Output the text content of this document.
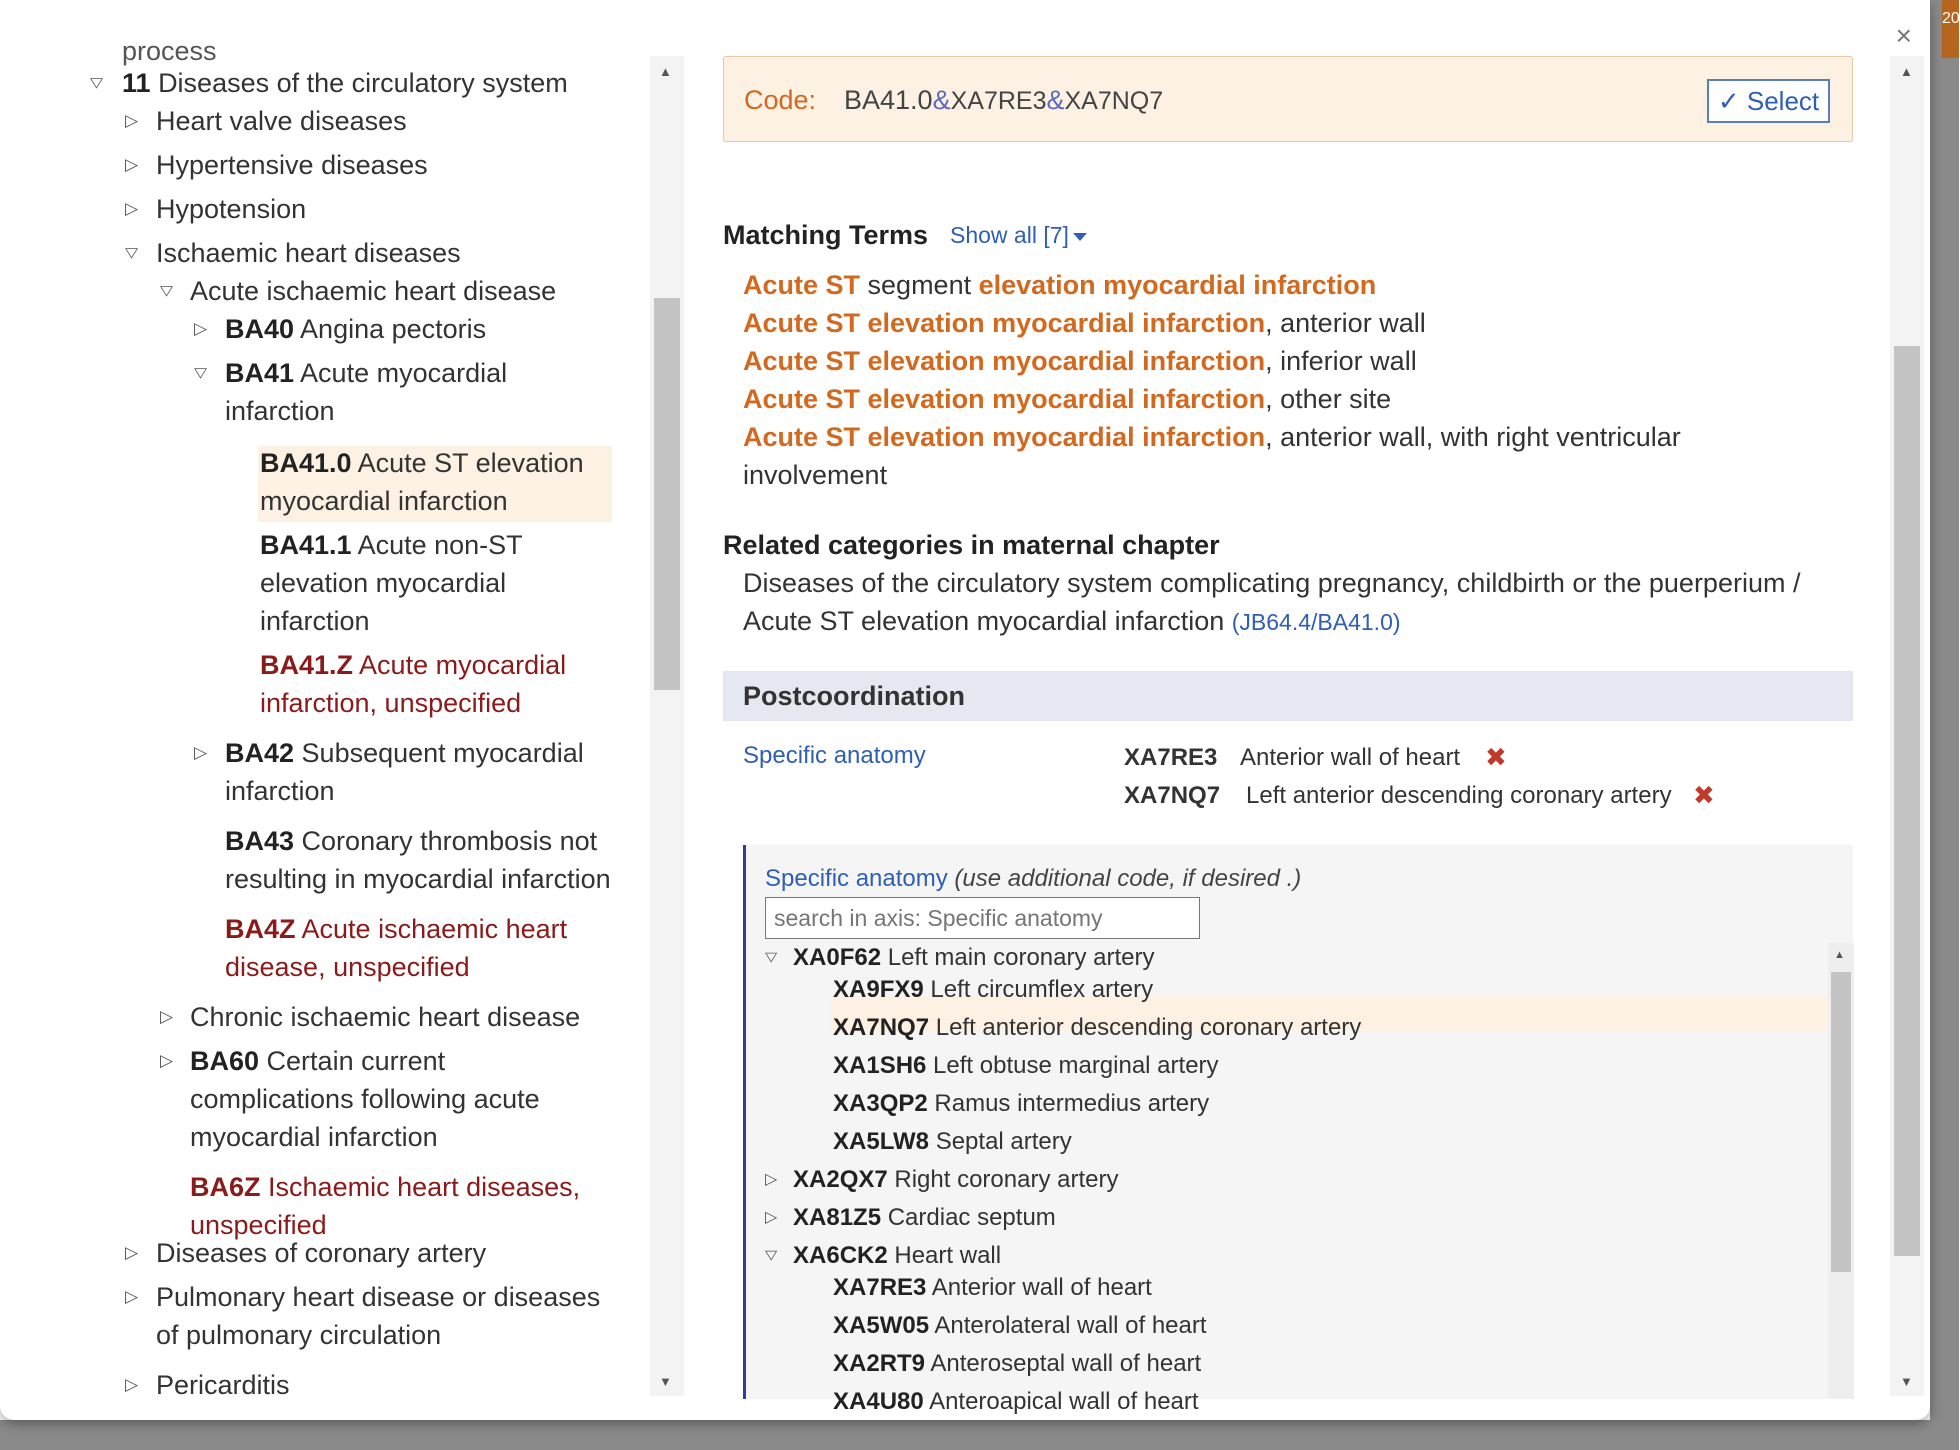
20
×
process
▽ 11 Diseases of the circulatory system
▷ Heart valve diseases
▷ Hypertensive diseases
▷ Hypotension
▽ Ischaemic heart diseases
▽ Acute ischaemic heart disease
▷ BA40 Angina pectoris
▽ BA41 Acute myocardial
infarction
BA41.0 Acute ST elevation
myocardial infarction
BA41.1 Acute non-ST
elevation myocardial
infarction
BA41.Z Acute myocardial
infarction, unspecified
▷ BA42 Subsequent myocardial
infarction
BA43 Coronary thrombosis not
resulting in myocardial infarction
BA4Z Acute ischaemic heart
disease, unspecified
▷ Chronic ischaemic heart disease
▷ BA60 Certain current
complications following acute
myocardial infarction
BA6Z Ischaemic heart diseases,
unspecified
▷ Diseases of coronary artery
▷ Pulmonary heart disease or diseases
of pulmonary circulation
▷ Pericarditis
▲
▼
Code: BA41.0&XA7RE3&XA7NQ7	✓ Select
Matching Terms Show all [7]
Acute ST segment elevation myocardial infarction
Acute ST elevation myocardial infarction, anterior wall
Acute ST elevation myocardial infarction, inferior wall
Acute ST elevation myocardial infarction, other site
Acute ST elevation myocardial infarction, anterior wall, with right ventricular
involvement
Related categories in maternal chapter
Diseases of the circulatory system complicating pregnancy, childbirth or the puerperium /
Acute ST elevation myocardial infarction (JB64.4/BA41.0)
Postcoordination
Specific anatomy	XA7RE3 Anterior wall of heart ✖
XA7NQ7 Left anterior descending coronary artery ✖
Specific anatomy (use additional code, if desired .)
search in axis: Specific anatomy
▽ XA0F62 Left main coronary artery
XA9FX9 Left circumflex artery
XA7NQ7 Left anterior descending coronary artery
XA1SH6 Left obtuse marginal artery
XA3QP2 Ramus intermedius artery
XA5LW8 Septal artery
▷ XA2QX7 Right coronary artery
▷ XA81Z5 Cardiac septum
▽ XA6CK2 Heart wall
XA7RE3 Anterior wall of heart
XA5W05 Anterolateral wall of heart
XA2RT9 Anteroseptal wall of heart
XA4U80 Anteroapical wall of heart
▲
▲
▼
